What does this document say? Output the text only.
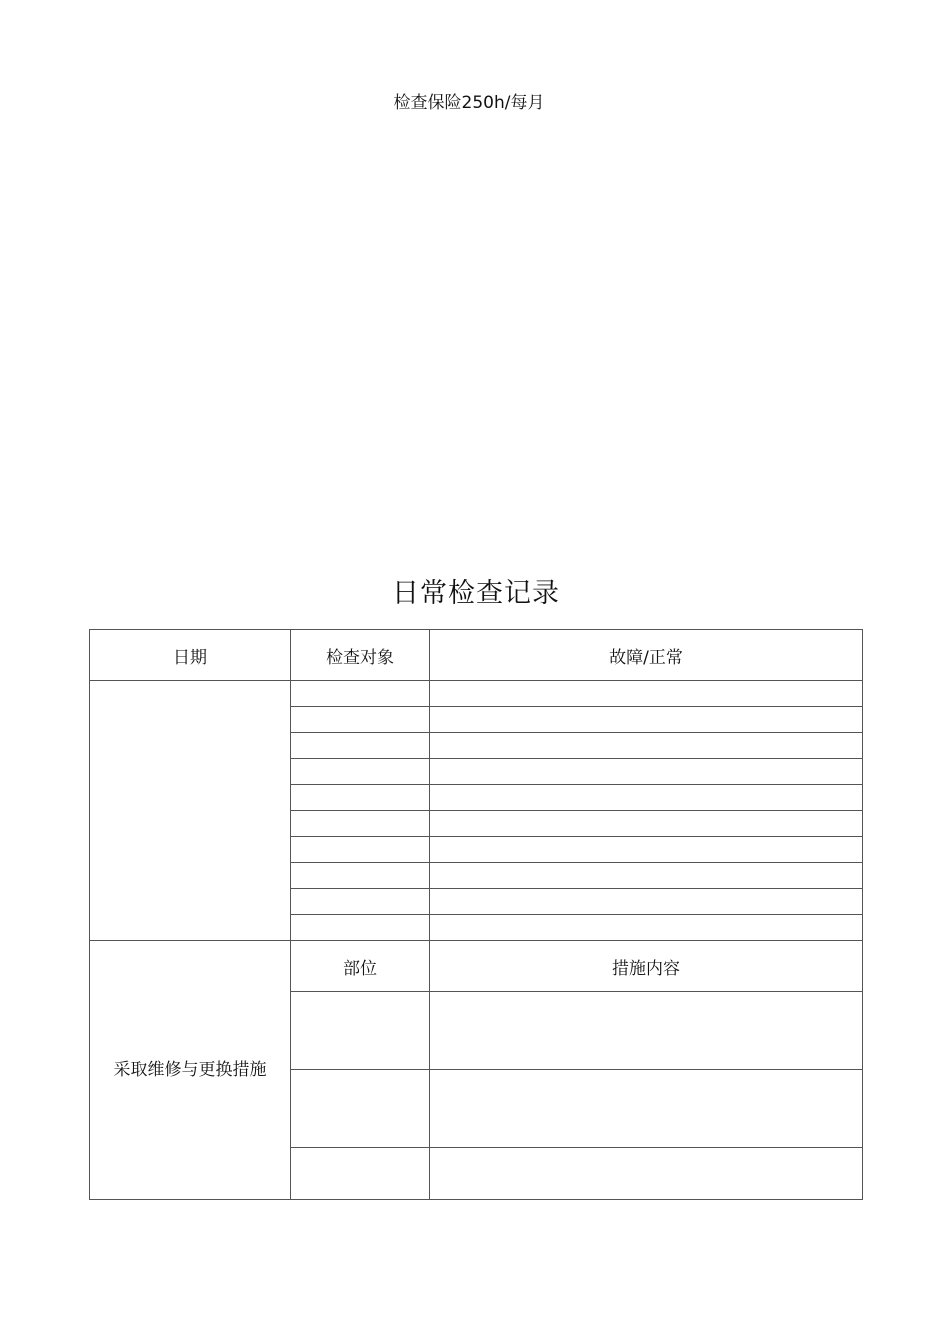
检查保险250h/每月
日常检查记录
日期	检查对象	故障/正常

采取维修与更换措施	部位	措施内容
